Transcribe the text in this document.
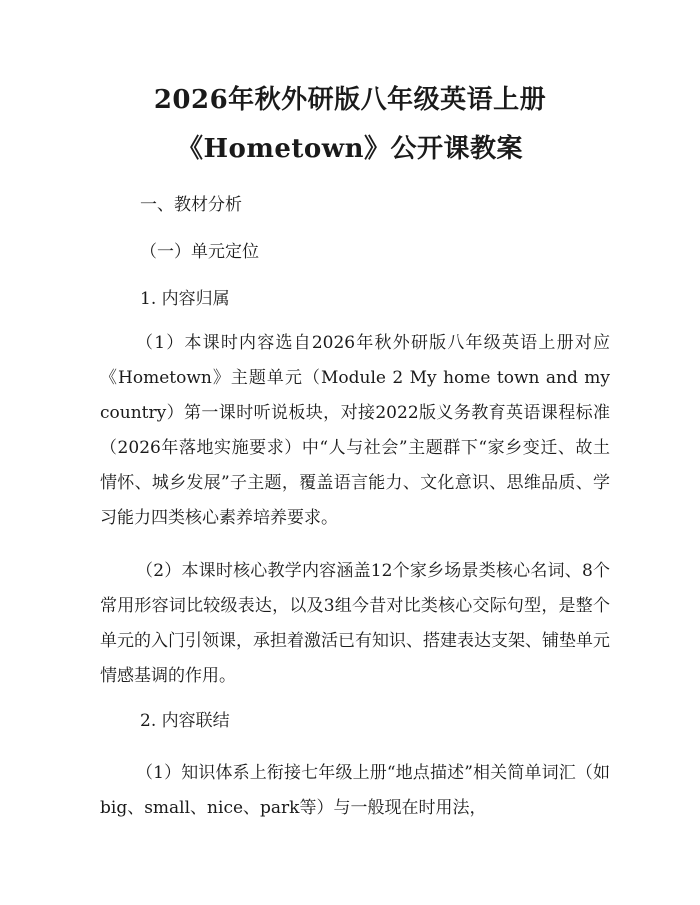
2026年秋外研版八年级英语上册
《Hometown》公开课教案
一、教材分析
（一）单元定位
1. 内容归属
（1）本课时内容选自2026年秋外研版八年级英语上册对应《Hometown》主题单元（Module 2 My home town and my country）第一课时听说板块，对接2022版义务教育英语课程标准（2026年落地实施要求）中“人与社会”主题群下“家乡变迁、故土情怀、城乡发展”子主题，覆盖语言能力、文化意识、思维品质、学习能力四类核心素养培养要求。
（2）本课时核心教学内容涵盖12个家乡场景类核心名词、8个常用形容词比较级表达，以及3组今昔对比类核心交际句型，是整个单元的入门引领课，承担着激活已有知识、搭建表达支架、铺垫单元情感基调的作用。
2. 内容联结
（1）知识体系上衔接七年级上册“地点描述”相关简单词汇（如big、small、nice、park等）与一般现在时用法，
